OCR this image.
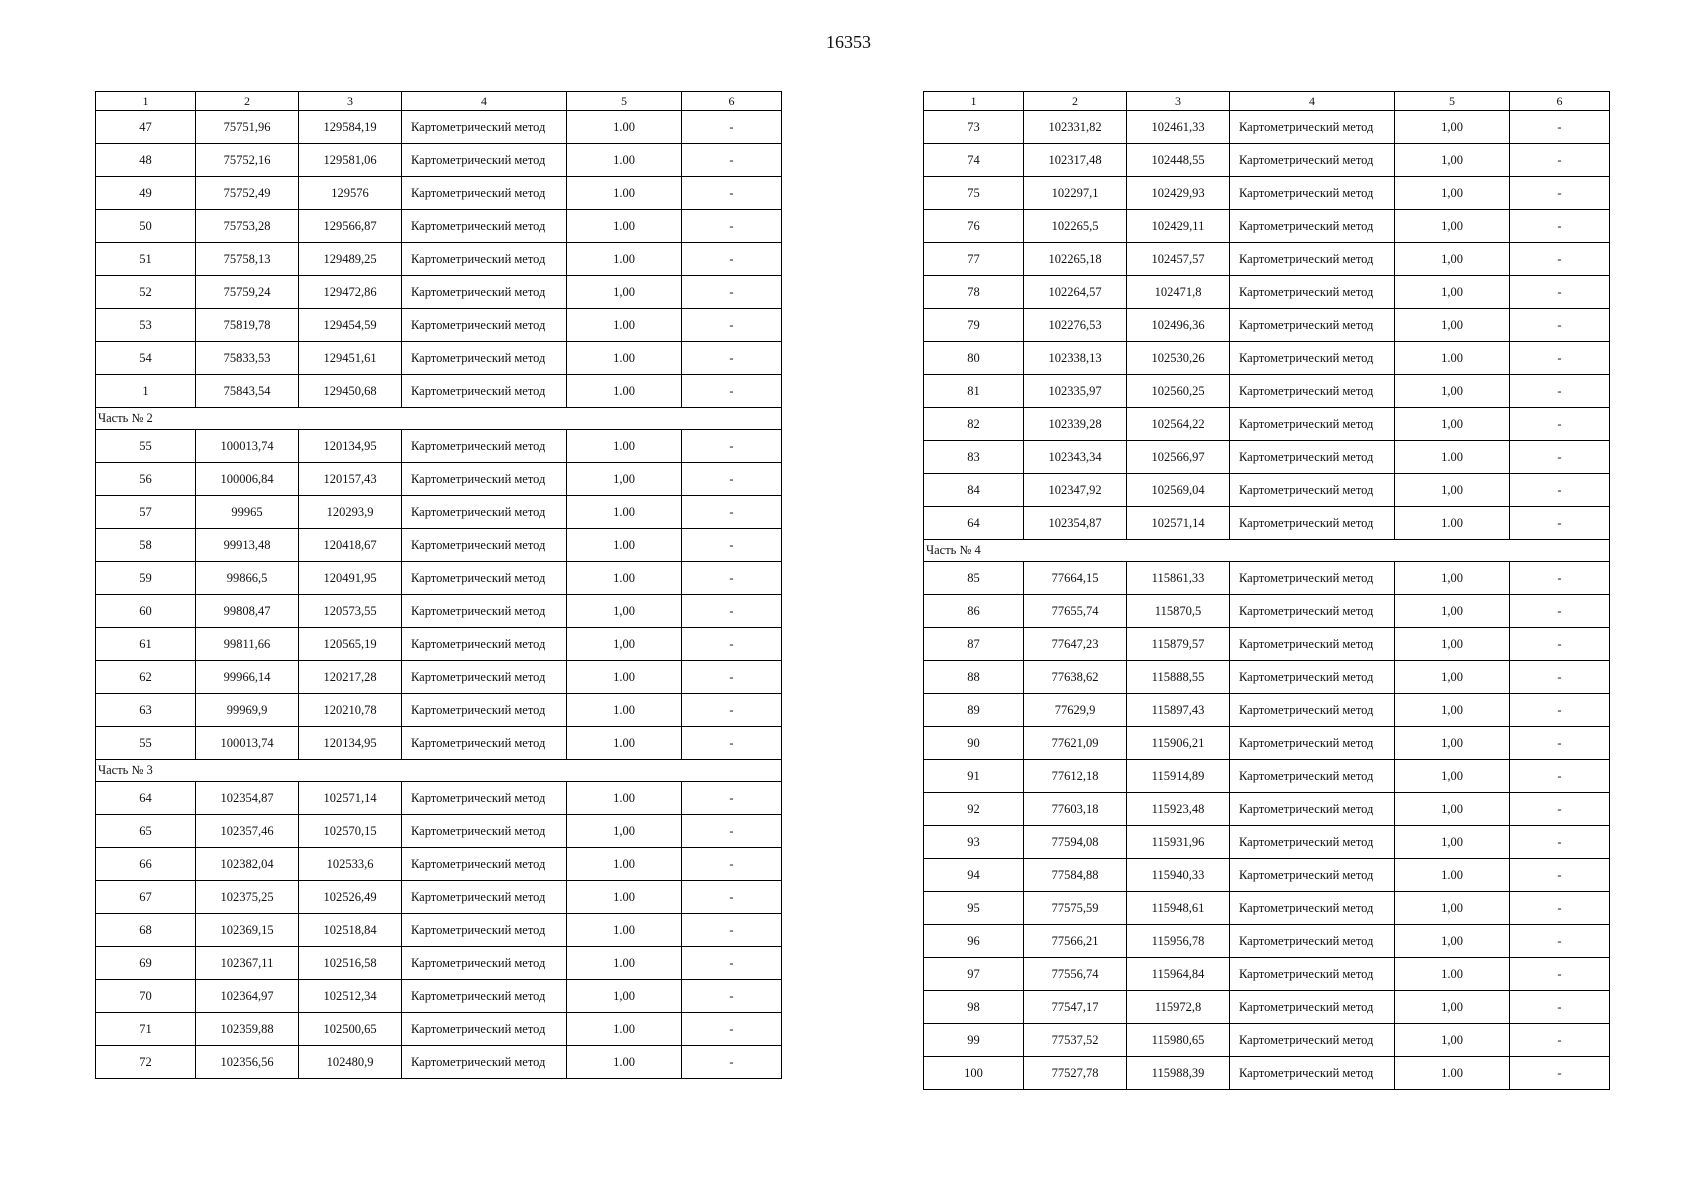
16353
1	2	3	4	5	6
47	75751,96	129584,19	Картометрический метод	1.00	-
48	75752,16	129581,06	Картометрический метод	1.00	-
49	75752,49	129576	Картометрический метод	1.00	-
50	75753,28	129566,87	Картометрический метод	1.00	-
51	75758,13	129489,25	Картометрический метод	1.00	-
52	75759,24	129472,86	Картометрический метод	1,00	-
53	75819,78	129454,59	Картометрический метод	1.00	-
54	75833,53	129451,61	Картометрический метод	1.00	-
1	75843,54	129450,68	Картометрический метод	1.00	-
Часть № 2					
55	100013,74	120134,95	Картометрический метод	1.00	-
56	100006,84	120157,43	Картометрический метод	1,00	-
57	99965	120293,9	Картометрический метод	1.00	-
58	99913,48	120418,67	Картометрический метод	1.00	-
59	99866,5	120491,95	Картометрический метод	1.00	-
60	99808,47	120573,55	Картометрический метод	1,00	-
61	99811,66	120565,19	Картометрический метод	1,00	-
62	99966,14	120217,28	Картометрический метод	1.00	-
63	99969,9	120210,78	Картометрический метод	1.00	-
55	100013,74	120134,95	Картометрический метод	1.00	-
Часть № 3					
64	102354,87	102571,14	Картометрический метод	1.00	-
65	102357,46	102570,15	Картометрический метод	1,00	-
66	102382,04	102533,6	Картометрический метод	1.00	-
67	102375,25	102526,49	Картометрический метод	1.00	-
68	102369,15	102518,84	Картометрический метод	1.00	-
69	102367,11	102516,58	Картометрический метод	1.00	-
70	102364,97	102512,34	Картометрический метод	1,00	-
71	102359,88	102500,65	Картометрический метод	1.00	-
72	102356,56	102480,9	Картометрический метод	1.00	-
1	2	3	4	5	6
73	102331,82	102461,33	Картометрический метод	1,00	-
74	102317,48	102448,55	Картометрический метод	1,00	-
75	102297,1	102429,93	Картометрический метод	1,00	-
76	102265,5	102429,11	Картометрический метод	1,00	-
77	102265,18	102457,57	Картометрический метод	1,00	-
78	102264,57	102471,8	Картометрический метод	1,00	-
79	102276,53	102496,36	Картометрический метод	1,00	-
80	102338,13	102530,26	Картометрический метод	1.00	-
81	102335,97	102560,25	Картометрический метод	1,00	-
82	102339,28	102564,22	Картометрический метод	1,00	-
83	102343,34	102566,97	Картометрический метод	1.00	-
84	102347,92	102569,04	Картометрический метод	1,00	-
64	102354,87	102571,14	Картометрический метод	1.00	-
Часть № 4					
85	77664,15	115861,33	Картометрический метод	1,00	-
86	77655,74	115870,5	Картометрический метод	1,00	-
87	77647,23	115879,57	Картометрический метод	1,00	-
88	77638,62	115888,55	Картометрический метод	1,00	-
89	77629,9	115897,43	Картометрический метод	1,00	-
90	77621,09	115906,21	Картометрический метод	1,00	-
91	77612,18	115914,89	Картометрический метод	1,00	-
92	77603,18	115923,48	Картометрический метод	1,00	-
93	77594,08	115931,96	Картометрический метод	1,00	-
94	77584,88	115940,33	Картометрический метод	1.00	-
95	77575,59	115948,61	Картометрический метод	1,00	-
96	77566,21	115956,78	Картометрический метод	1,00	-
97	77556,74	115964,84	Картометрический метод	1.00	-
98	77547,17	115972,8	Картометрический метод	1,00	-
99	77537,52	115980,65	Картометрический метод	1,00	-
100	77527,78	115988,39	Картометрический метод	1.00	-
